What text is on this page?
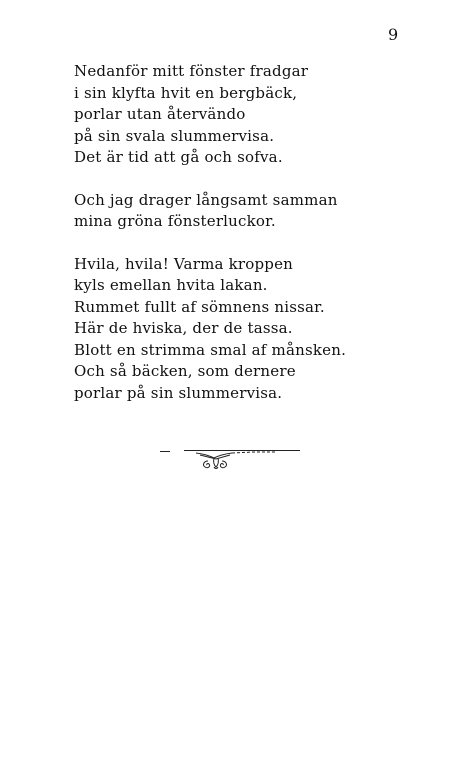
9
Nedanför mitt fönster fradgar
i sin klyfta hvit en bergbäck,
porlar utan återvändo
på sin svala slummervisa.
Det är tid att gå och sofva.
Och jag drager långsamt samman
mina gröna fönsterluckor.
Hvila, hvila! Varma kroppen
kyls emellan hvita lakan.
Rummet fullt af sömnens nissar.
Här de hviska, der de tassa.
Blott en strimma smal af månsken.
Och så bäcken, som dernere
porlar på sin slummervisa.
